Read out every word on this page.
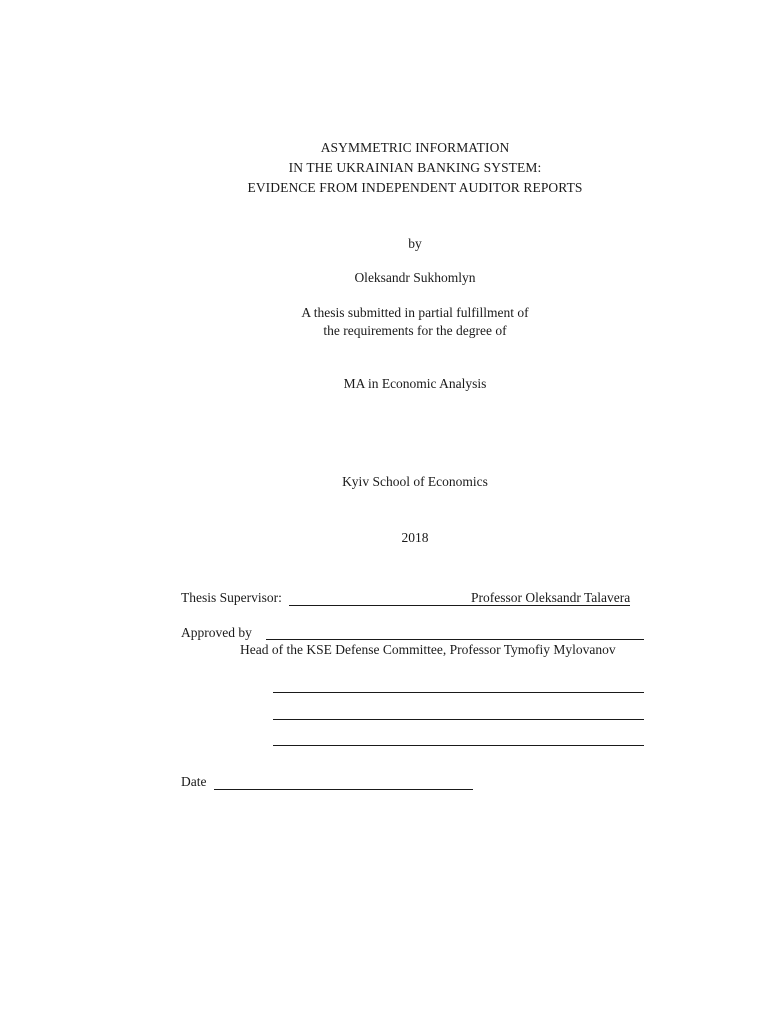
ASYMMETRIC INFORMATION
IN THE UKRAINIAN BANKING SYSTEM:
EVIDENCE FROM INDEPENDENT AUDITOR REPORTS
by
Oleksandr Sukhomlyn
A thesis submitted in partial fulfillment of
the requirements for the degree of
MA in Economic Analysis
Kyiv School of Economics
2018
Thesis Supervisor:	Professor Oleksandr Talavera
Approved by
Head of the KSE Defense Committee, Professor Tymofiy Mylovanov
Date
